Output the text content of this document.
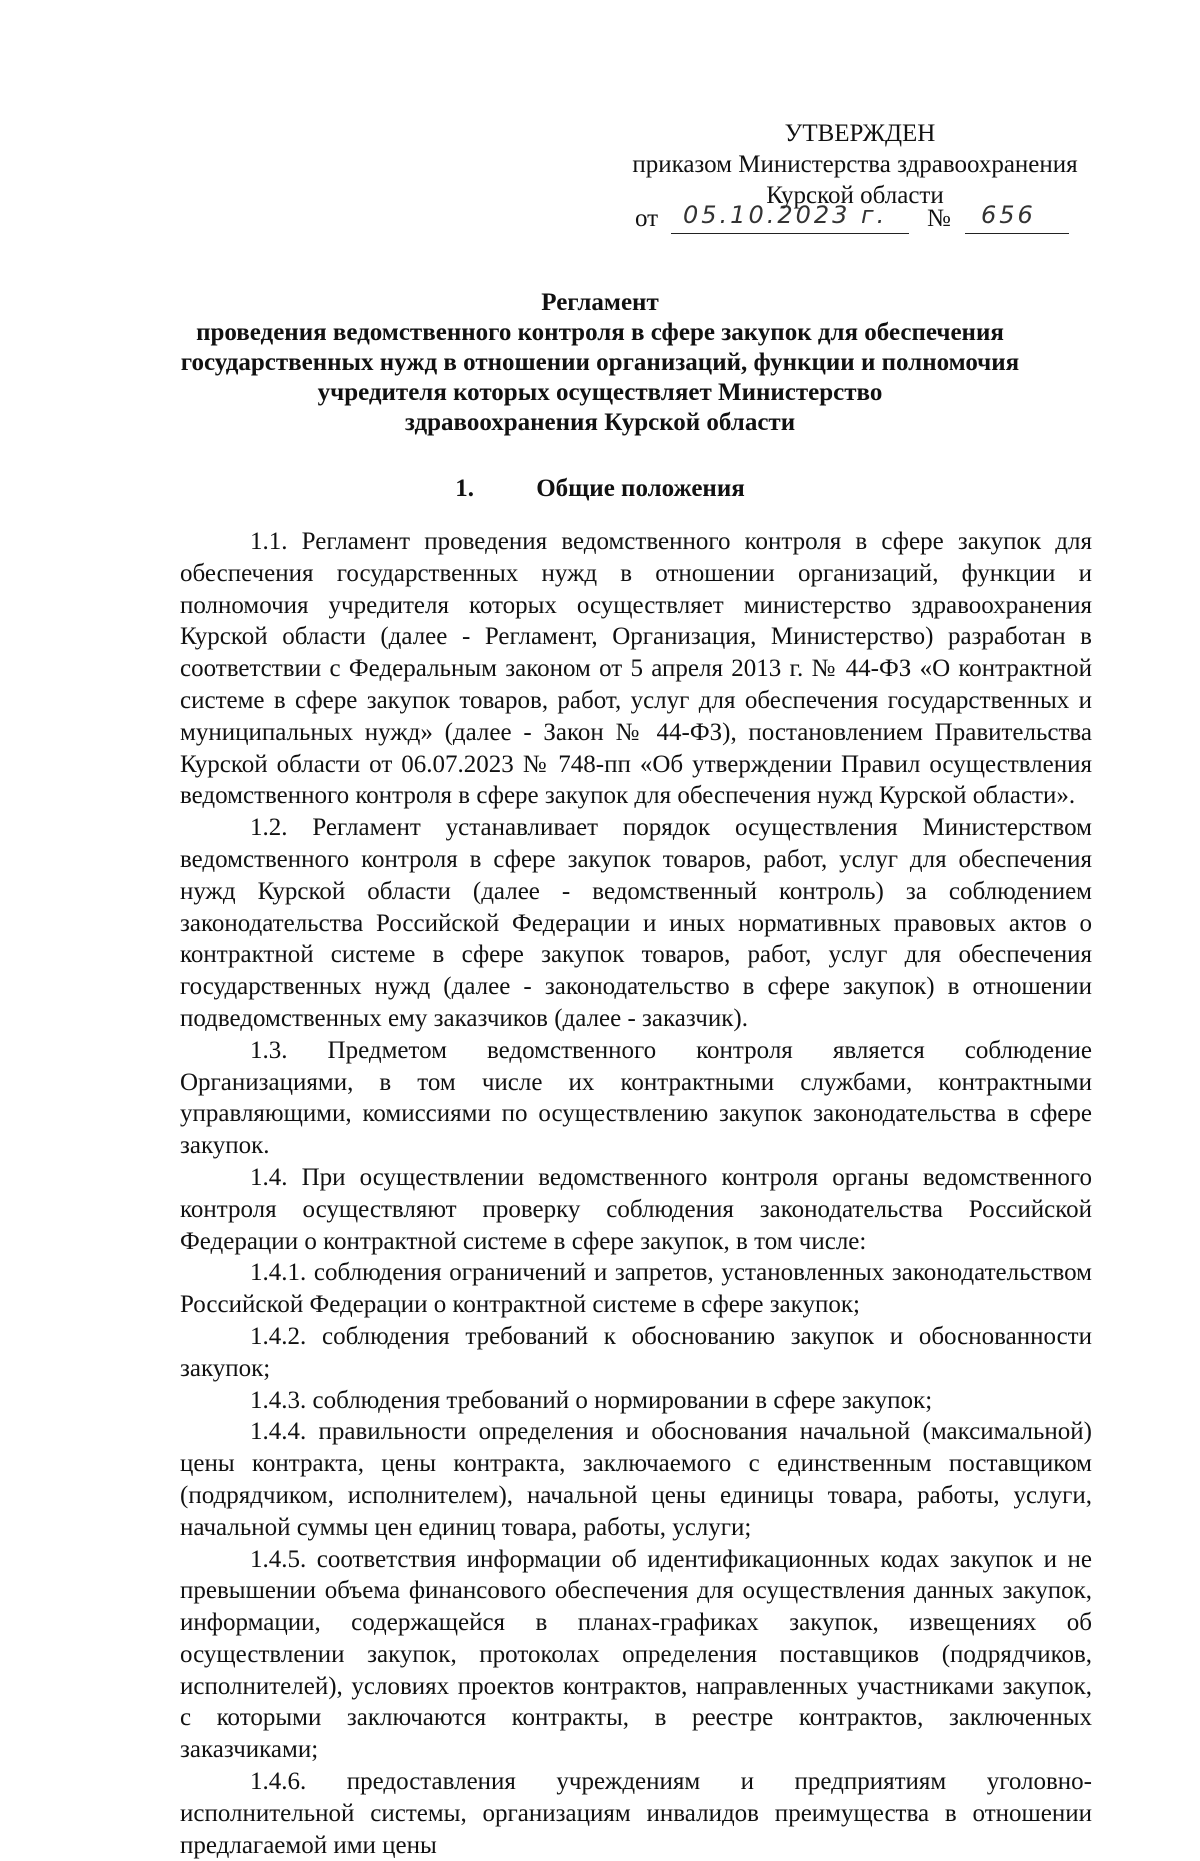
УТВЕРЖДЕН
приказом Министерства здравоохранения
Курской области
от 05.10.2023 г. № 656
Регламент
проведения ведомственного контроля в сфере закупок для обеспечения
государственных нужд в отношении организаций, функции и полномочия
учредителя которых осуществляет Министерство
здравоохранения Курской области
1. Общие положения

1.1. Регламент проведения ведомственного контроля в сфере закупок для обеспечения государственных нужд в отношении организаций, функции и полномочия учредителя которых осуществляет министерство здравоохранения Курской области (далее - Регламент, Организация, Министерство) разработан в соответствии с Федеральным законом от 5 апреля 2013 г. № 44-ФЗ «О контрактной системе в сфере закупок товаров, работ, услуг для обеспечения государственных и муниципальных нужд» (далее - Закон № 44-ФЗ), постановлением Правительства Курской области от 06.07.2023 № 748-пп «Об утверждении Правил осуществления ведомственного контроля в сфере закупок для обеспечения нужд Курской области».

1.2. Регламент устанавливает порядок осуществления Министерством ведомственного контроля в сфере закупок товаров, работ, услуг для обеспечения нужд Курской области (далее - ведомственный контроль) за соблюдением законодательства Российской Федерации и иных нормативных правовых актов о контрактной системе в сфере закупок товаров, работ, услуг для обеспечения государственных нужд (далее - законодательство в сфере закупок) в отношении подведомственных ему заказчиков (далее - заказчик).

1.3. Предметом ведомственного контроля является соблюдение Организациями, в том числе их контрактными службами, контрактными управляющими, комиссиями по осуществлению закупок законодательства в сфере закупок.

1.4. При осуществлении ведомственного контроля органы ведомственного контроля осуществляют проверку соблюдения законодательства Российской Федерации о контрактной системе в сфере закупок, в том числе:

1.4.1. соблюдения ограничений и запретов, установленных законодательством Российской Федерации о контрактной системе в сфере закупок;

1.4.2. соблюдения требований к обоснованию закупок и обоснованности закупок;

1.4.3. соблюдения требований о нормировании в сфере закупок;

1.4.4. правильности определения и обоснования начальной (максимальной) цены контракта, цены контракта, заключаемого с единственным поставщиком (подрядчиком, исполнителем), начальной цены единицы товара, работы, услуги, начальной суммы цен единиц товара, работы, услуги;

1.4.5. соответствия информации об идентификационных кодах закупок и не превышении объема финансового обеспечения для осуществления данных закупок, информации, содержащейся в планах-графиках закупок, извещениях об осуществлении закупок, протоколах определения поставщиков (подрядчиков, исполнителей), условиях проектов контрактов, направленных участниками закупок, с которыми заключаются контракты, в реестре контрактов, заключенных заказчиками;

1.4.6. предоставления учреждениям и предприятиям уголовно-исполнительной системы, организациям инвалидов преимущества в отношении предлагаемой ими цены
